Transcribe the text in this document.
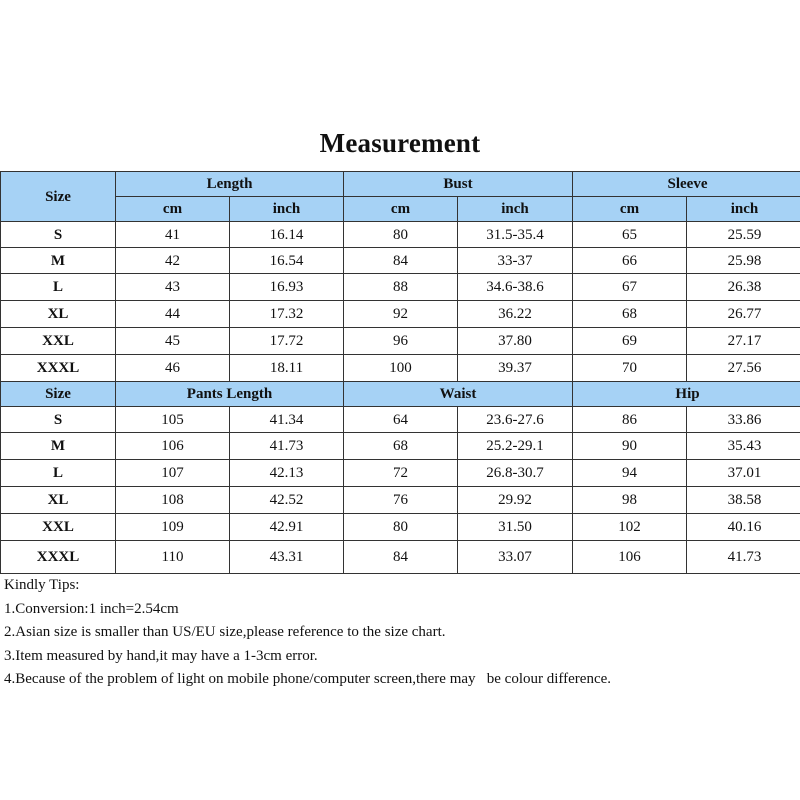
Measurement
Size	Length		Bust		Sleeve	
	cm	inch	cm	inch	cm	inch
S	41	16.14	80	31.5-35.4	65	25.59
M	42	16.54	84	33-37	66	25.98
L	43	16.93	88	34.6-38.6	67	26.38
XL	44	17.32	92	36.22	68	26.77
XXL	45	17.72	96	37.80	69	27.17
XXXL	46	18.11	100	39.37	70	27.56
Size	Pants Length		Waist		Hip	
S	105	41.34	64	23.6-27.6	86	33.86
M	106	41.73	68	25.2-29.1	90	35.43
L	107	42.13	72	26.8-30.7	94	37.01
XL	108	42.52	76	29.92	98	38.58
XXL	109	42.91	80	31.50	102	40.16
XXXL	110	43.31	84	33.07	106	41.73
Kindly Tips:
1.Conversion:1 inch=2.54cm
2.Asian size is smaller than US/EU size,please reference to the size chart.
3.Item measured by hand,it may have a 1-3cm error.
4.Because of the problem of light on mobile phone/computer screen,there may   be colour difference.
